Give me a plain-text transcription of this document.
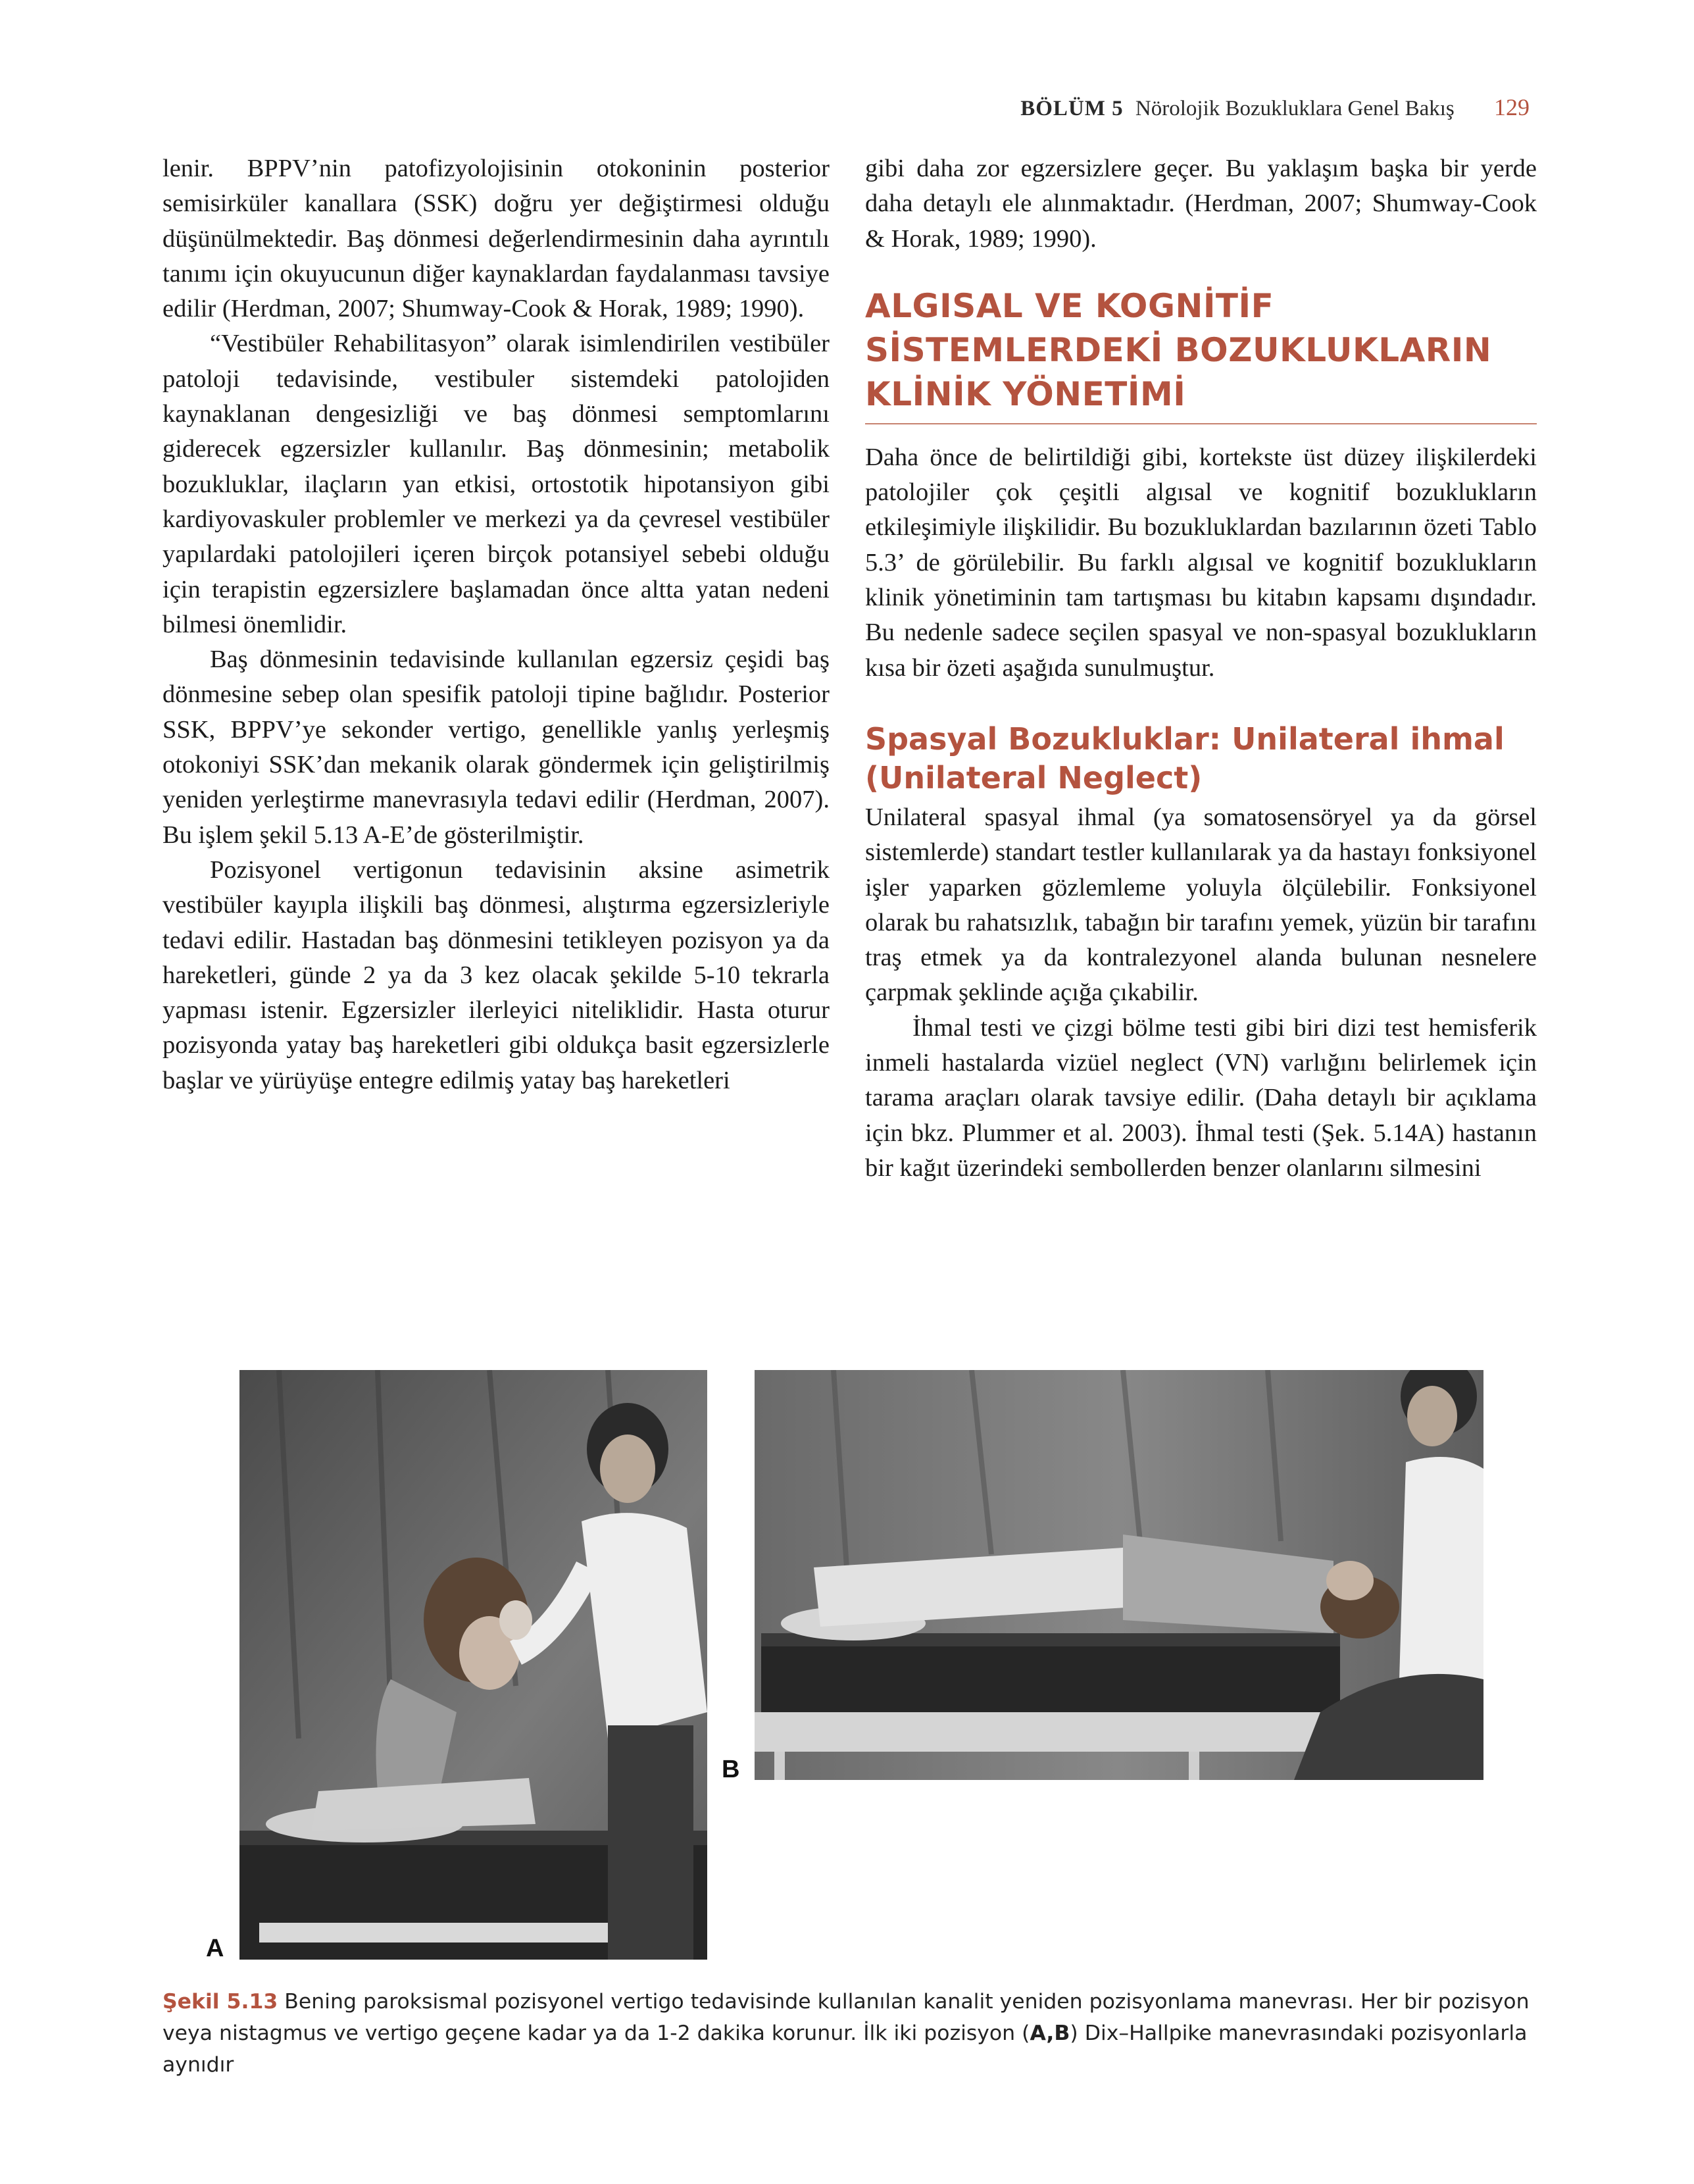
BÖLÜM 5 Nörolojik Bozukluklara Genel Bakış 129

lenir. BPPV’nin patofizyolojisinin otokoninin posterior semisirküler kanallara (SSK) doğru yer değiştirmesi olduğu düşünülmektedir. Baş dönmesi değerlendirmesinin daha ayrıntılı tanımı için okuyucunun diğer kaynaklardan faydalanması tavsiye edilir (Herdman, 2007; Shumway-Cook & Horak, 1989; 1990).

“Vestibüler Rehabilitasyon” olarak isimlendirilen vestibüler patoloji tedavisinde, vestibuler sistemdeki patolojiden kaynaklanan dengesizliği ve baş dönmesi semptomlarını giderecek egzersizler kullanılır. Baş dönmesinin; metabolik bozukluklar, ilaçların yan etkisi, ortostotik hipotansiyon gibi kardiyovaskuler problemler ve merkezi ya da çevresel vestibüler yapılardaki patolojileri içeren birçok potansiyel sebebi olduğu için terapistin egzersizlere başlamadan önce altta yatan nedeni bilmesi önemlidir.

Baş dönmesinin tedavisinde kullanılan egzersiz çeşidi baş dönmesine sebep olan spesifik patoloji tipine bağlıdır. Posterior SSK, BPPV’ye sekonder vertigo, genellikle yanlış yerleşmiş otokoniyi SSK’dan mekanik olarak göndermek için geliştirilmiş yeniden yerleştirme manevrasıyla tedavi edilir (Herdman, 2007). Bu işlem şekil 5.13 A-E’de gösterilmiştir.

Pozisyonel vertigonun tedavisinin aksine asimetrik vestibüler kayıpla ilişkili baş dönmesi, alıştırma egzersizleriyle tedavi edilir. Hastadan baş dönmesini tetikleyen pozisyon ya da hareketleri, günde 2 ya da 3 kez olacak şekilde 5-10 tekrarla yapması istenir. Egzersizler ilerleyici niteliklidir. Hasta oturur pozisyonda yatay baş hareketleri gibi oldukça basit egzersizlerle başlar ve yürüyüşe entegre edilmiş yatay baş hareketleri

gibi daha zor egzersizlere geçer. Bu yaklaşım başka bir yerde daha detaylı ele alınmaktadır. (Herdman, 2007; Shumway-Cook & Horak, 1989; 1990).

ALGISAL VE KOGNİTİF SİSTEMLERDEKİ BOZUKLUKLARIN KLİNİK YÖNETİMİ

Daha önce de belirtildiği gibi, kortekste üst düzey ilişkilerdeki patolojiler çok çeşitli algısal ve kognitif bozuklukların etkileşimiyle ilişkilidir. Bu bozukluklardan bazılarının özeti Tablo 5.3’ de görülebilir. Bu farklı algısal ve kognitif bozuklukların klinik yönetiminin tam tartışması bu kitabın kapsamı dışındadır. Bu nedenle sadece seçilen spasyal ve non-spasyal bozuklukların kısa bir özeti aşağıda sunulmuştur.

Spasyal Bozukluklar: Unilateral ihmal (Unilateral Neglect)

Unilateral spasyal ihmal (ya somatosensöryel ya da görsel sistemlerde) standart testler kullanılarak ya da hastayı fonksiyonel işler yaparken gözlemleme yoluyla ölçülebilir. Fonksiyonel olarak bu rahatsızlık, tabağın bir tarafını yemek, yüzün bir tarafını traş etmek ya da kontralezyonel alanda bulunan nesnelere çarpmak şeklinde açığa çıkabilir.

İhmal testi ve çizgi bölme testi gibi biri dizi test hemisferik inmeli hastalarda vizüel neglect (VN) varlığını belirlemek için tarama araçları olarak tavsiye edilir. (Daha detaylı bir açıklama için bkz. Plummer et al. 2003). İhmal testi (Şek. 5.14A) hastanın bir kağıt üzerindeki sembollerden benzer olanlarını silmesini

A
B
Şekil 5.13 Bening paroksismal pozisyonel vertigo tedavisinde kullanılan kanalit yeniden pozisyonlama manevrası. Her bir pozisyon veya nistagmus ve vertigo geçene kadar ya da 1-2 dakika korunur. İlk iki pozisyon (A,B) Dix–Hallpike manevrasındaki pozisyonlarla aynıdır
